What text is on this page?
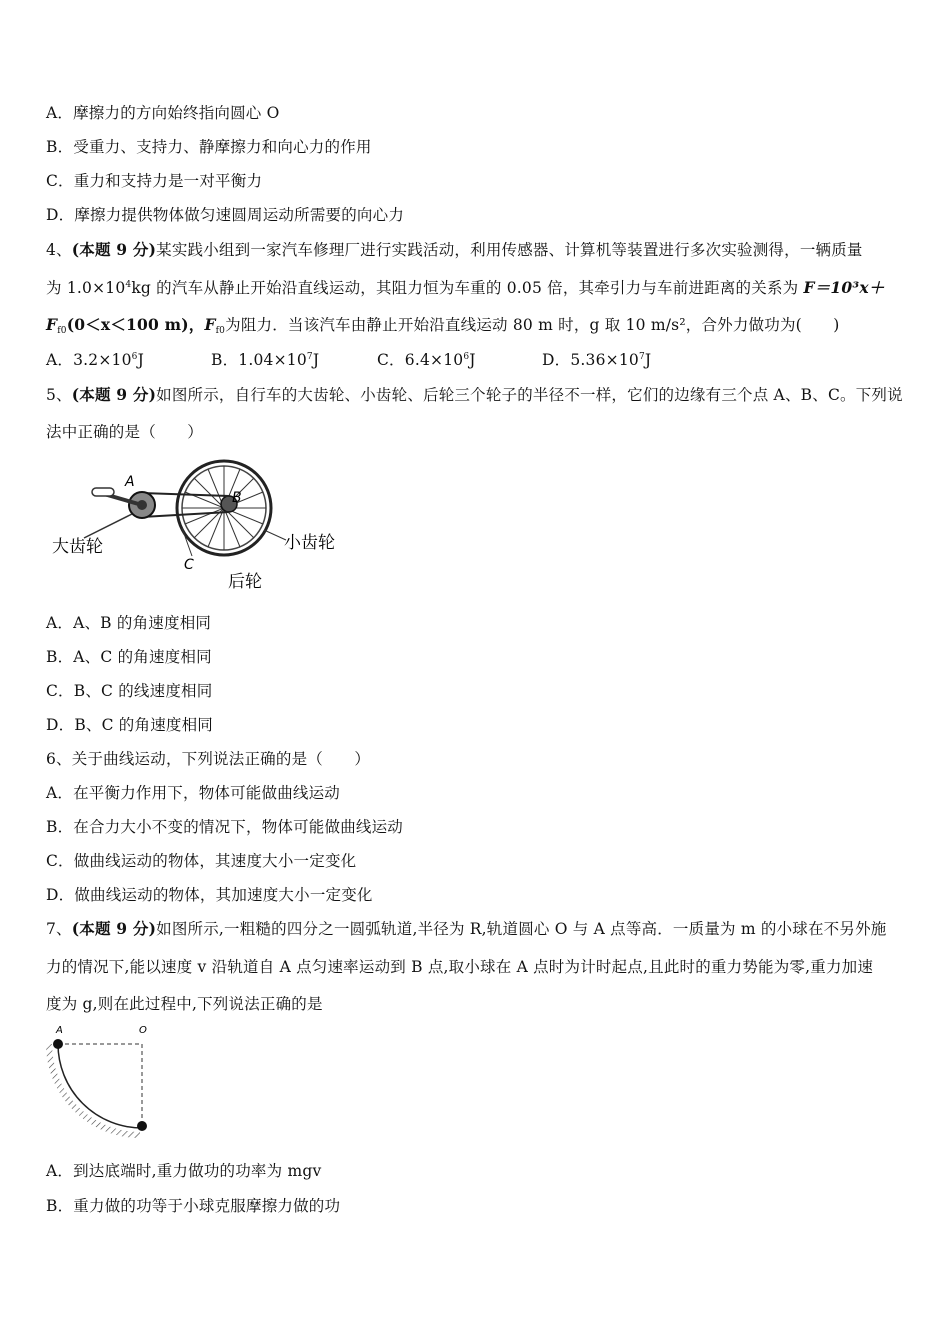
A．摩擦力的方向始终指向圆心 O
B．受重力、支持力、静摩擦力和向心力的作用
C．重力和支持力是一对平衡力
D．摩擦力提供物体做匀速圆周运动所需要的向心力
4、(本题 9 分)某实践小组到一家汽车修理厂进行实践活动，利用传感器、计算机等装置进行多次实验测得，一辆质量
为 $1.0\times 10^4kg$ 的汽车从静止开始沿直线运动，其阻力恒为车重的 0.05 倍，其牵引力与车前进距离的关系为 F＝10³x＋
$F_{f0}(0<x<100$ m)，$F_{f0}$为阻力．当该汽车由静止开始沿直线运动 80 m 时，g 取 10 m/s²，合外力做功为(　　)
A．$3.2\times 10^6J$	B．$1.04\times 10^7J$	C．$6.4\times 10^6J$	D．$5.36\times 10^7J$
5、(本题 9 分)如图所示，自行车的大齿轮、小齿轮、后轮三个轮子的半径不一样，它们的边缘有三个点 A、B、C。下列说
法中正确的是（　　）
A
B
C
大齿轮	小齿轮
后轮
A．A、B 的角速度相同
B．A、C 的角速度相同
C．B、C 的线速度相同
D．B、C 的角速度相同
6、关于曲线运动，下列说法正确的是（　　）
A．在平衡力作用下，物体可能做曲线运动
B．在合力大小不变的情况下，物体可能做曲线运动
C．做曲线运动的物体，其速度大小一定变化
D．做曲线运动的物体，其加速度大小一定变化
7、(本题 9 分)如图所示,一粗糙的四分之一圆弧轨道,半径为 R,轨道圆心 O 与 A 点等高．一质量为 m 的小球在不另外施
力的情况下,能以速度 v 沿轨道自 A 点匀速率运动到 B 点,取小球在 A 点时为计时起点,且此时的重力势能为零,重力加速
度为 g,则在此过程中,下列说法正确的是
A	O
A．到达底端时,重力做功的功率为 mgv
B．重力做的功等于小球克服摩擦力做的功
